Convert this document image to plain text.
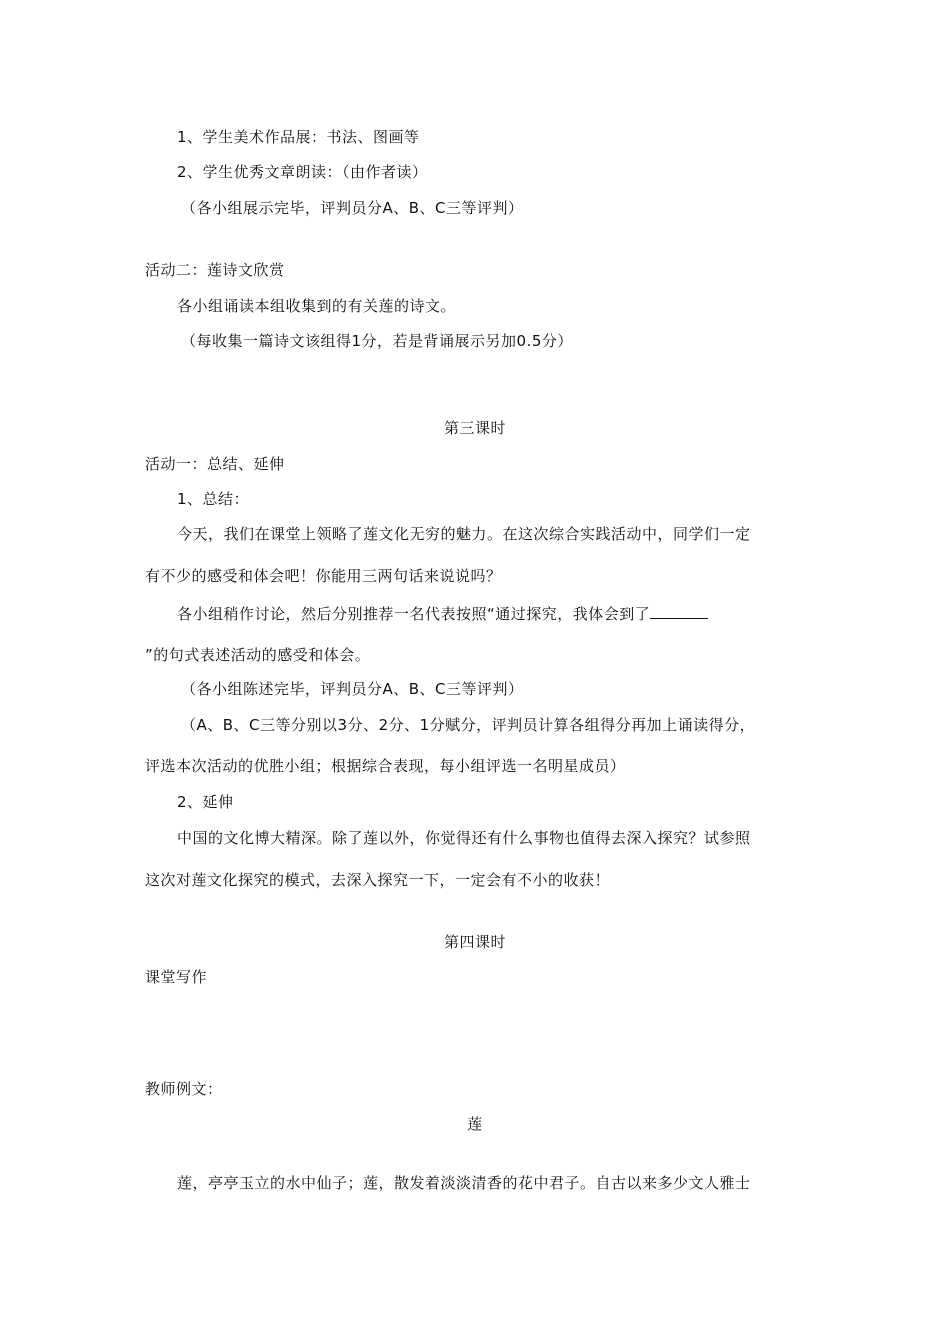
1、学生美术作品展：书法、图画等
2、学生优秀文章朗读：（由作者读）
（各小组展示完毕，评判员分A、B、C三等评判）
活动二：莲诗文欣赏
各小组诵读本组收集到的有关莲的诗文。
（每收集一篇诗文该组得1分，若是背诵展示另加0.5分）
第三课时
活动一：总结、延伸
1、总结：
今天，我们在课堂上领略了莲文化无穷的魅力。在这次综合实践活动中，同学们一定
有不少的感受和体会吧！你能用三两句话来说说吗？
各小组稍作讨论，然后分别推荐一名代表按照“通过探究，我体会到了
”的句式表述活动的感受和体会。
（各小组陈述完毕，评判员分A、B、C三等评判）
（A、B、C三等分别以3分、2分、1分赋分，评判员计算各组得分再加上诵读得分，
评选本次活动的优胜小组；根据综合表现，每小组评选一名明星成员）
2、延伸
中国的文化博大精深。除了莲以外，你觉得还有什么事物也值得去深入探究？试参照
这次对莲文化探究的模式，去深入探究一下，一定会有不小的收获！
第四课时
课堂写作
教师例文：
莲
莲，亭亭玉立的水中仙子；莲，散发着淡淡清香的花中君子。自古以来多少文人雅士
